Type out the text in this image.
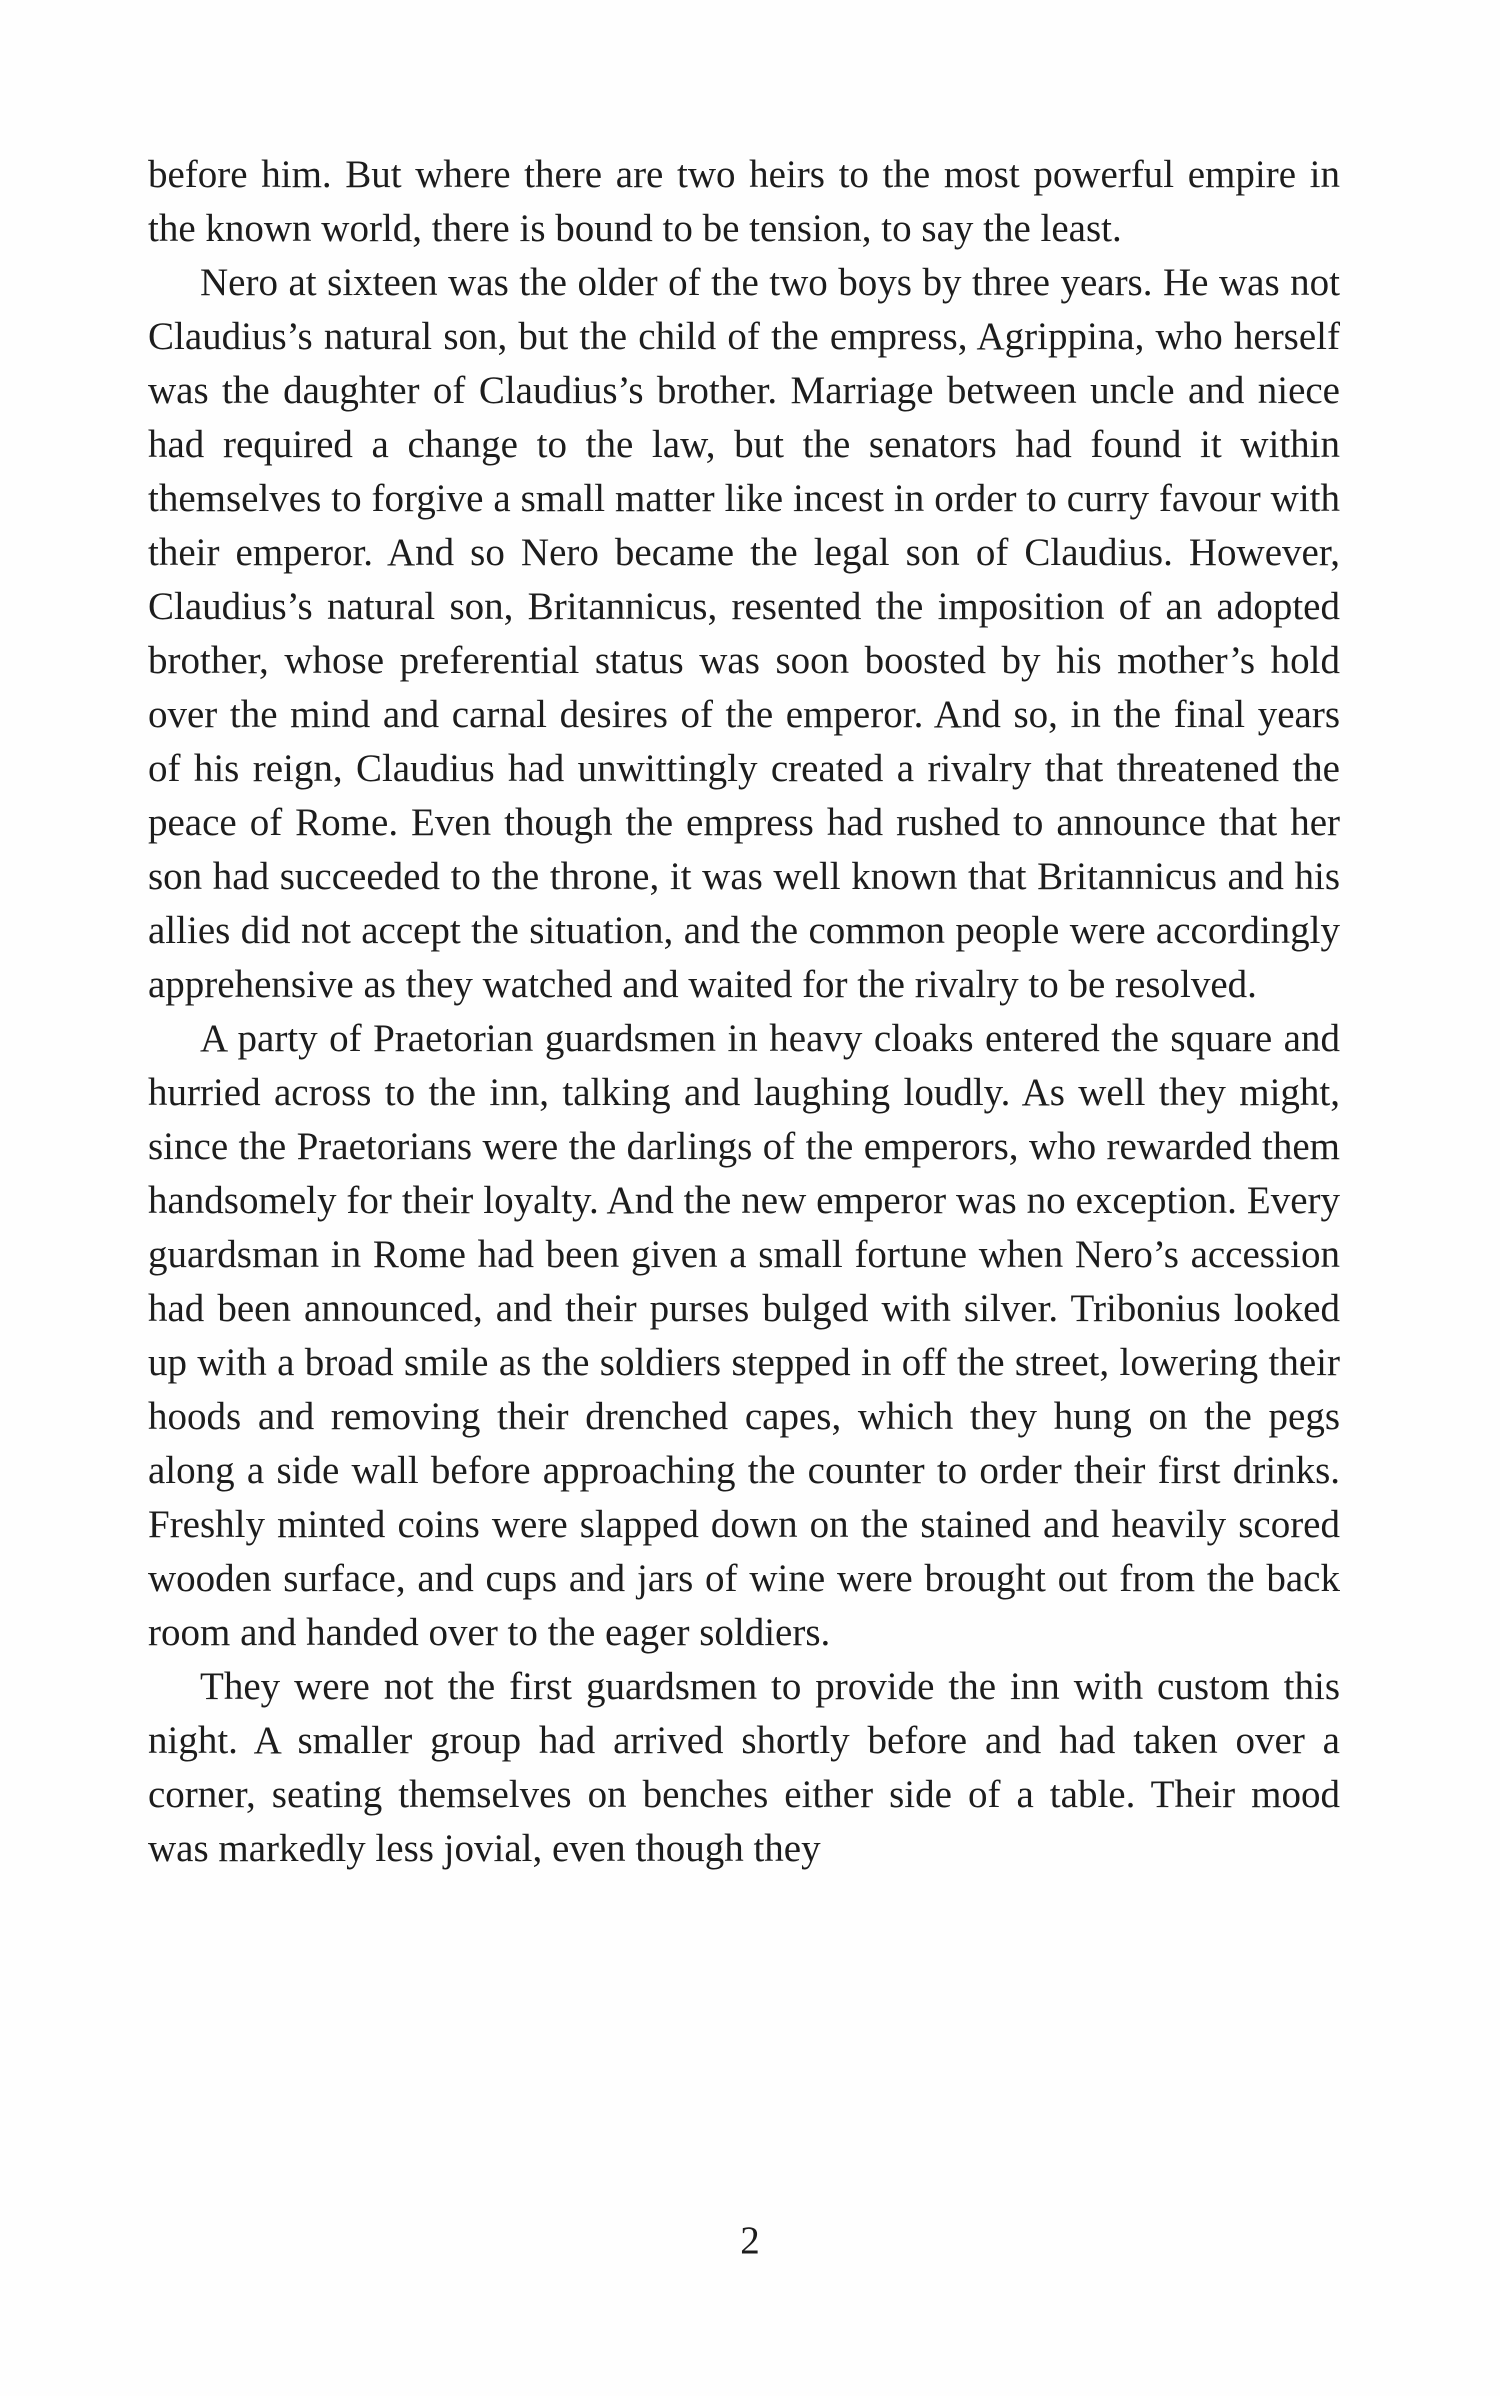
before him. But where there are two heirs to the most powerful empire in the known world, there is bound to be tension, to say the least.

Nero at sixteen was the older of the two boys by three years. He was not Claudius’s natural son, but the child of the empress, Agrippina, who herself was the daughter of Claudius’s brother. Marriage between uncle and niece had required a change to the law, but the senators had found it within themselves to forgive a small matter like incest in order to curry favour with their emperor. And so Nero became the legal son of Claudius. However, Claudius’s natural son, Britannicus, resented the imposition of an adopted brother, whose preferential status was soon boosted by his mother’s hold over the mind and carnal desires of the emperor. And so, in the final years of his reign, Claudius had unwittingly created a rivalry that threatened the peace of Rome. Even though the empress had rushed to announce that her son had succeeded to the throne, it was well known that Britannicus and his allies did not accept the situation, and the common people were accordingly apprehensive as they watched and waited for the rivalry to be resolved.

A party of Praetorian guardsmen in heavy cloaks entered the square and hurried across to the inn, talking and laughing loudly. As well they might, since the Praetorians were the darlings of the emperors, who rewarded them handsomely for their loyalty. And the new emperor was no exception. Every guardsman in Rome had been given a small fortune when Nero’s accession had been announced, and their purses bulged with silver. Tribonius looked up with a broad smile as the soldiers stepped in off the street, lowering their hoods and removing their drenched capes, which they hung on the pegs along a side wall before approaching the counter to order their first drinks. Freshly minted coins were slapped down on the stained and heavily scored wooden surface, and cups and jars of wine were brought out from the back room and handed over to the eager soldiers.

They were not the first guardsmen to provide the inn with custom this night. A smaller group had arrived shortly before and had taken over a corner, seating themselves on benches either side of a table. Their mood was markedly less jovial, even though they

2
